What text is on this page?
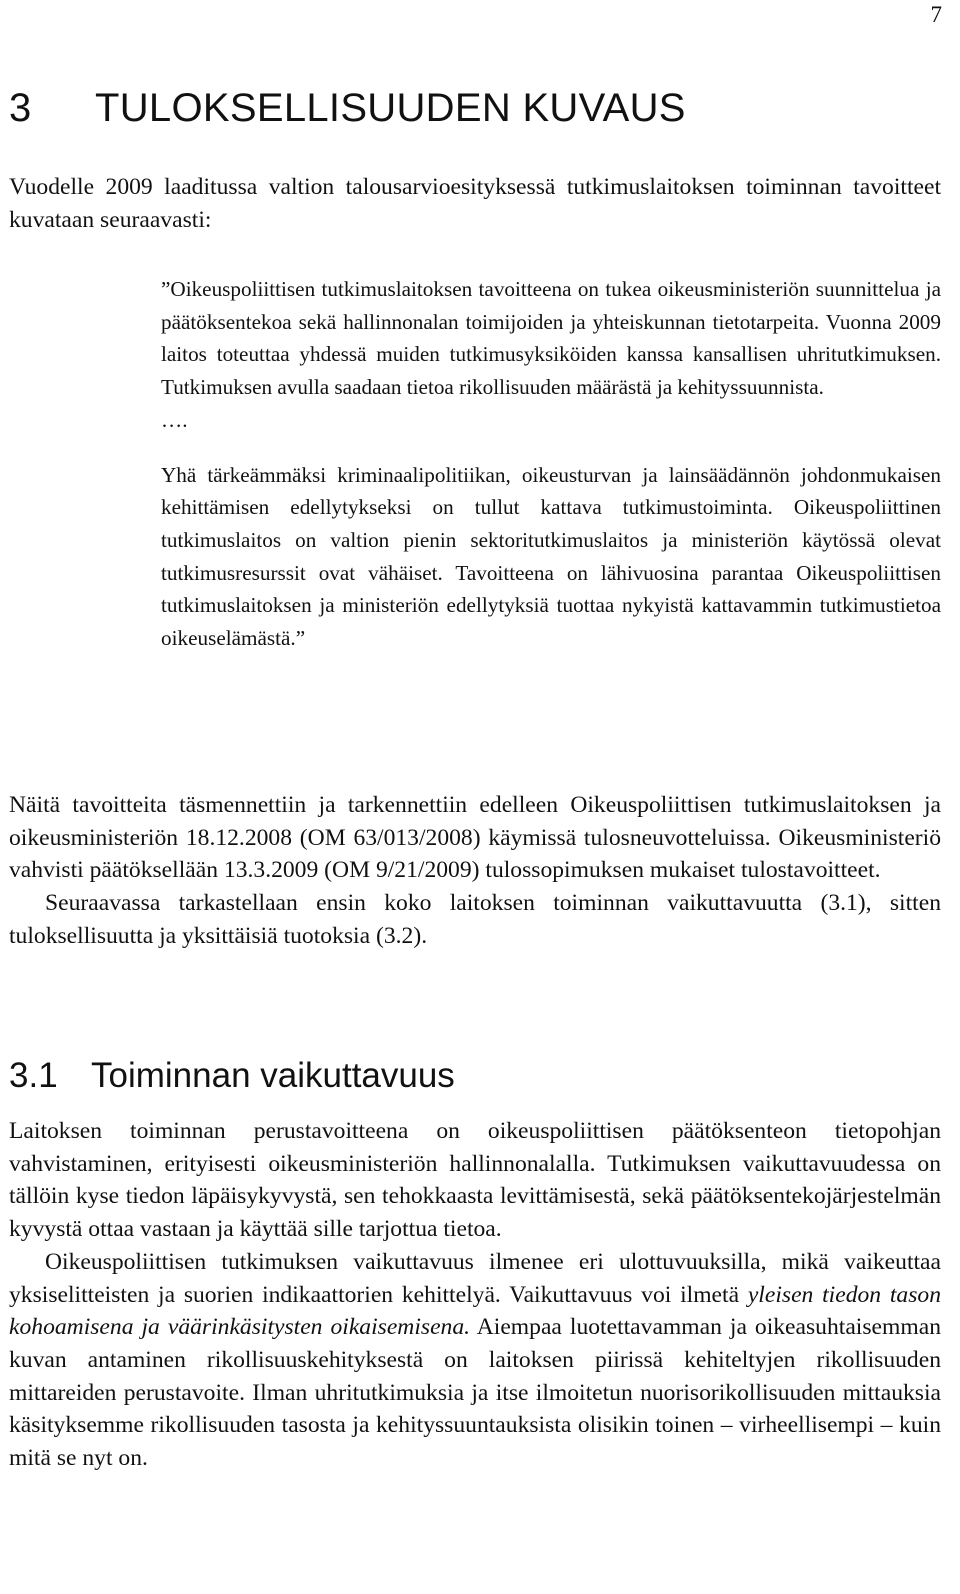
7
3 TULOKSELLISUUDEN KUVAUS

Vuodelle 2009 laaditussa valtion talousarvioesityksessä tutkimuslaitoksen toiminnan tavoitteet kuvataan seuraavasti:

”Oikeuspoliittisen tutkimuslaitoksen tavoitteena on tukea oikeusministeriön suunnittelua ja päätöksentekoa sekä hallinnonalan toimijoiden ja yhteiskunnan tietotarpeita. Vuonna 2009 laitos toteuttaa yhdessä muiden tutkimusyksiköiden kanssa kansallisen uhritutkimuksen. Tutkimuksen avulla saadaan tietoa rikollisuuden määrästä ja kehityssuunnista.

….

Yhä tärkeämmäksi kriminaalipolitiikan, oikeusturvan ja lainsäädännön johdonmukaisen kehittämisen edellytykseksi on tullut kattava tutkimustoiminta. Oikeuspoliittinen tutkimuslaitos on valtion pienin sektoritutkimuslaitos ja ministeriön käytössä olevat tutkimusresurssit ovat vähäiset. Tavoitteena on lähivuosina parantaa Oikeuspoliittisen tutkimuslaitoksen ja ministeriön edellytyksiä tuottaa nykyistä kattavammin tutkimustietoa oikeuselämästä.”

Näitä tavoitteita täsmennettiin ja tarkennettiin edelleen Oikeuspoliittisen tutkimuslaitoksen ja oikeusministeriön 18.12.2008 (OM 63/013/2008) käymissä tulosneuvotteluissa. Oikeusministeriö vahvisti päätöksellään 13.3.2009 (OM 9/21/2009) tulossopimuksen mukaiset tulostavoitteet.

Seuraavassa tarkastellaan ensin koko laitoksen toiminnan vaikuttavuutta (3.1), sitten tuloksellisuutta ja yksittäisiä tuotoksia (3.2).

3.1 Toiminnan vaikuttavuus

Laitoksen toiminnan perustavoitteena on oikeuspoliittisen päätöksenteon tietopohjan vahvistaminen, erityisesti oikeusministeriön hallinnonalalla. Tutkimuksen vaikuttavuudessa on tällöin kyse tiedon läpäisykyvystä, sen tehokkaasta levittämisestä, sekä päätöksentekojärjestelmän kyvystä ottaa vastaan ja käyttää sille tarjottua tietoa.

Oikeuspoliittisen tutkimuksen vaikuttavuus ilmenee eri ulottuvuuksilla, mikä vaikeuttaa yksiselitteisten ja suorien indikaattorien kehittelyä. Vaikuttavuus voi ilmetä yleisen tiedon tason kohoamisena ja väärinkäsitysten oikaisemisena. Aiempaa luotettavamman ja oikeasuhtaisemman kuvan antaminen rikollisuuskehityksestä on laitoksen piirissä kehiteltyjen rikollisuuden mittareiden perustavoite. Ilman uhritutkimuksia ja itse ilmoitetun nuorisorikollisuuden mittauksia käsityksemme rikollisuuden tasosta ja kehityssuuntauksista olisikin toinen – virheellisempi – kuin mitä se nyt on.
